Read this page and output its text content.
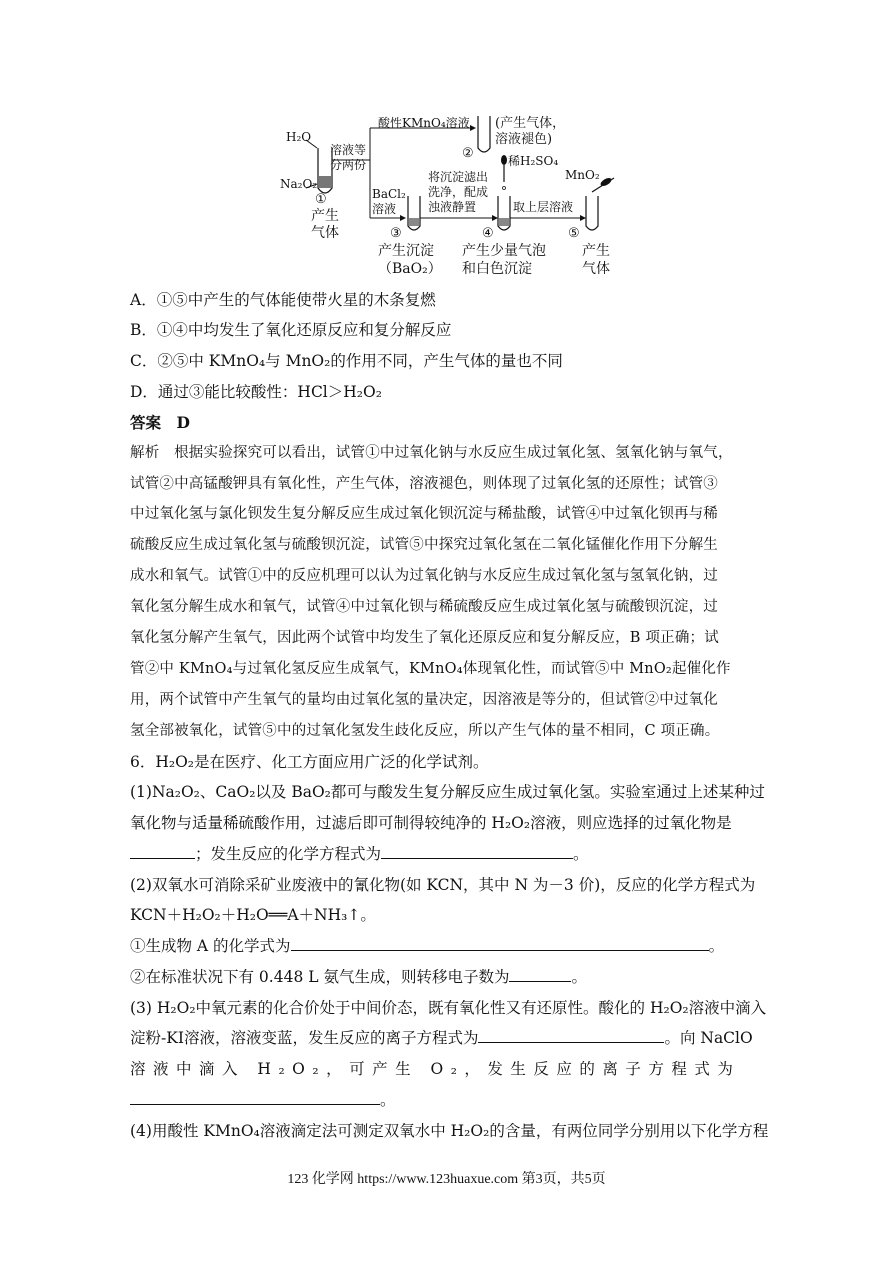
H₂O
Na₂O₂
溶液等
分两份
酸性KMnO₄溶液
②
(产生气体，
溶液褪色)
稀H₂SO₄
MnO₂
①
产生
气体
BaCl₂
溶液
将沉淀滤出
洗净，配成
浊液静置	取上层溶液
③
产生沉淀
（BaO₂）
④
产生少量气泡
和白色沉淀
⑤
产生
气体
A．①⑤中产生的气体能使带火星的木条复燃
B．①④中均发生了氧化还原反应和复分解反应
C．②⑤中 KMnO₄与 MnO₂的作用不同，产生气体的量也不同
D．通过③能比较酸性：HCl＞H₂O₂
答案　D
解析　根据实验探究可以看出，试管①中过氧化钠与水反应生成过氧化氢、氢氧化钠与氧气，
试管②中高锰酸钾具有氧化性，产生气体，溶液褪色，则体现了过氧化氢的还原性；试管③
中过氧化氢与氯化钡发生复分解反应生成过氧化钡沉淀与稀盐酸，试管④中过氧化钡再与稀
硫酸反应生成过氧化氢与硫酸钡沉淀，试管⑤中探究过氧化氢在二氧化锰催化作用下分解生
成水和氧气。试管①中的反应机理可以认为过氧化钠与水反应生成过氧化氢与氢氧化钠，过
氧化氢分解生成水和氧气，试管④中过氧化钡与稀硫酸反应生成过氧化氢与硫酸钡沉淀，过
氧化氢分解产生氧气，因此两个试管中均发生了氧化还原反应和复分解反应，B 项正确；试
管②中 KMnO₄与过氧化氢反应生成氧气，KMnO₄体现氧化性，而试管⑤中 MnO₂起催化作
用，两个试管中产生氧气的量均由过氧化氢的量决定，因溶液是等分的，但试管②中过氧化
氢全部被氧化，试管⑤中的过氧化氢发生歧化反应，所以产生气体的量不相同，C 项正确。
6．H₂O₂是在医疗、化工方面应用广泛的化学试剂。
(1)Na₂O₂、CaO₂以及 BaO₂都可与酸发生复分解反应生成过氧化氢。实验室通过上述某种过
氧化物与适量稀硫酸作用，过滤后即可制得较纯净的 H₂O₂溶液，则应选择的过氧化物是
；发生反应的化学方程式为	。
(2)双氧水可消除采矿业废液中的氰化物(如 KCN，其中 N 为－3 价)，反应的化学方程式为
KCN＋H₂O₂＋H₂O══A＋NH₃↑。
①生成物 A 的化学式为	。
②在标准状况下有 0.448 L 氨气生成，则转移电子数为	。
(3) H₂O₂中氧元素的化合价处于中间价态，既有氧化性又有还原性。酸化的 H₂O₂溶液中滴入
淀粉-KI溶液，溶液变蓝，发生反应的离子方程式为	。向 NaClO
溶液中滴入 H₂O₂，可产生 O₂，发生反应的离子方程式为
。
(4)用酸性 KMnO₄溶液滴定法可测定双氧水中 H₂O₂的含量，有两位同学分别用以下化学方程
123 化学网 https://www.123huaxue.com 第3页，共5页
